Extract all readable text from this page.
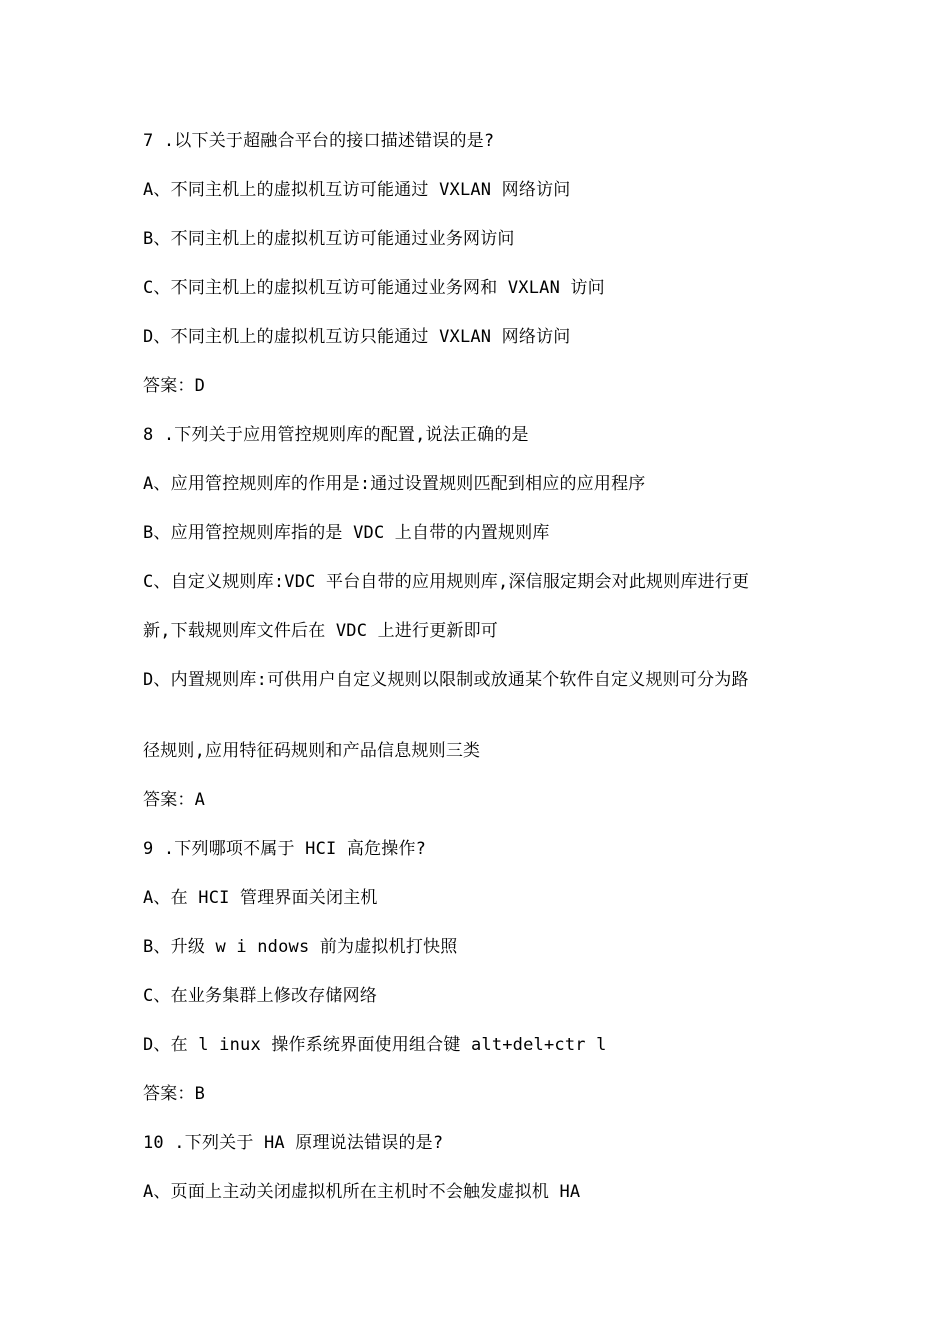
7 .以下关于超融合平台的接口描述错误的是?
A、不同主机上的虚拟机互访可能通过 VXLAN 网络访问
B、不同主机上的虚拟机互访可能通过业务网访问
C、不同主机上的虚拟机互访可能通过业务网和 VXLAN 访问
D、不同主机上的虚拟机互访只能通过 VXLAN 网络访问
答案：D
8 .下列关于应用管控规则库的配置,说法正确的是
A、应用管控规则库的作用是:通过设置规则匹配到相应的应用程序
B、应用管控规则库指的是 VDC 上自带的内置规则库
C、自定义规则库:VDC 平台自带的应用规则库,深信服定期会对此规则库进行更
新,下载规则库文件后在 VDC 上进行更新即可
D、内置规则库:可供用户自定义规则以限制或放通某个软件自定义规则可分为路
径规则,应用特征码规则和产品信息规则三类
答案：A
9 .下列哪项不属于 HCI 高危操作?
A、在 HCI 管理界面关闭主机
B、升级 w i ndows 前为虚拟机打快照
C、在业务集群上修改存储网络
D、在 l inux 操作系统界面使用组合键 alt+del+ctr l
答案：B
10 .下列关于 HA 原理说法错误的是?
A、页面上主动关闭虚拟机所在主机时不会触发虚拟机 HA
